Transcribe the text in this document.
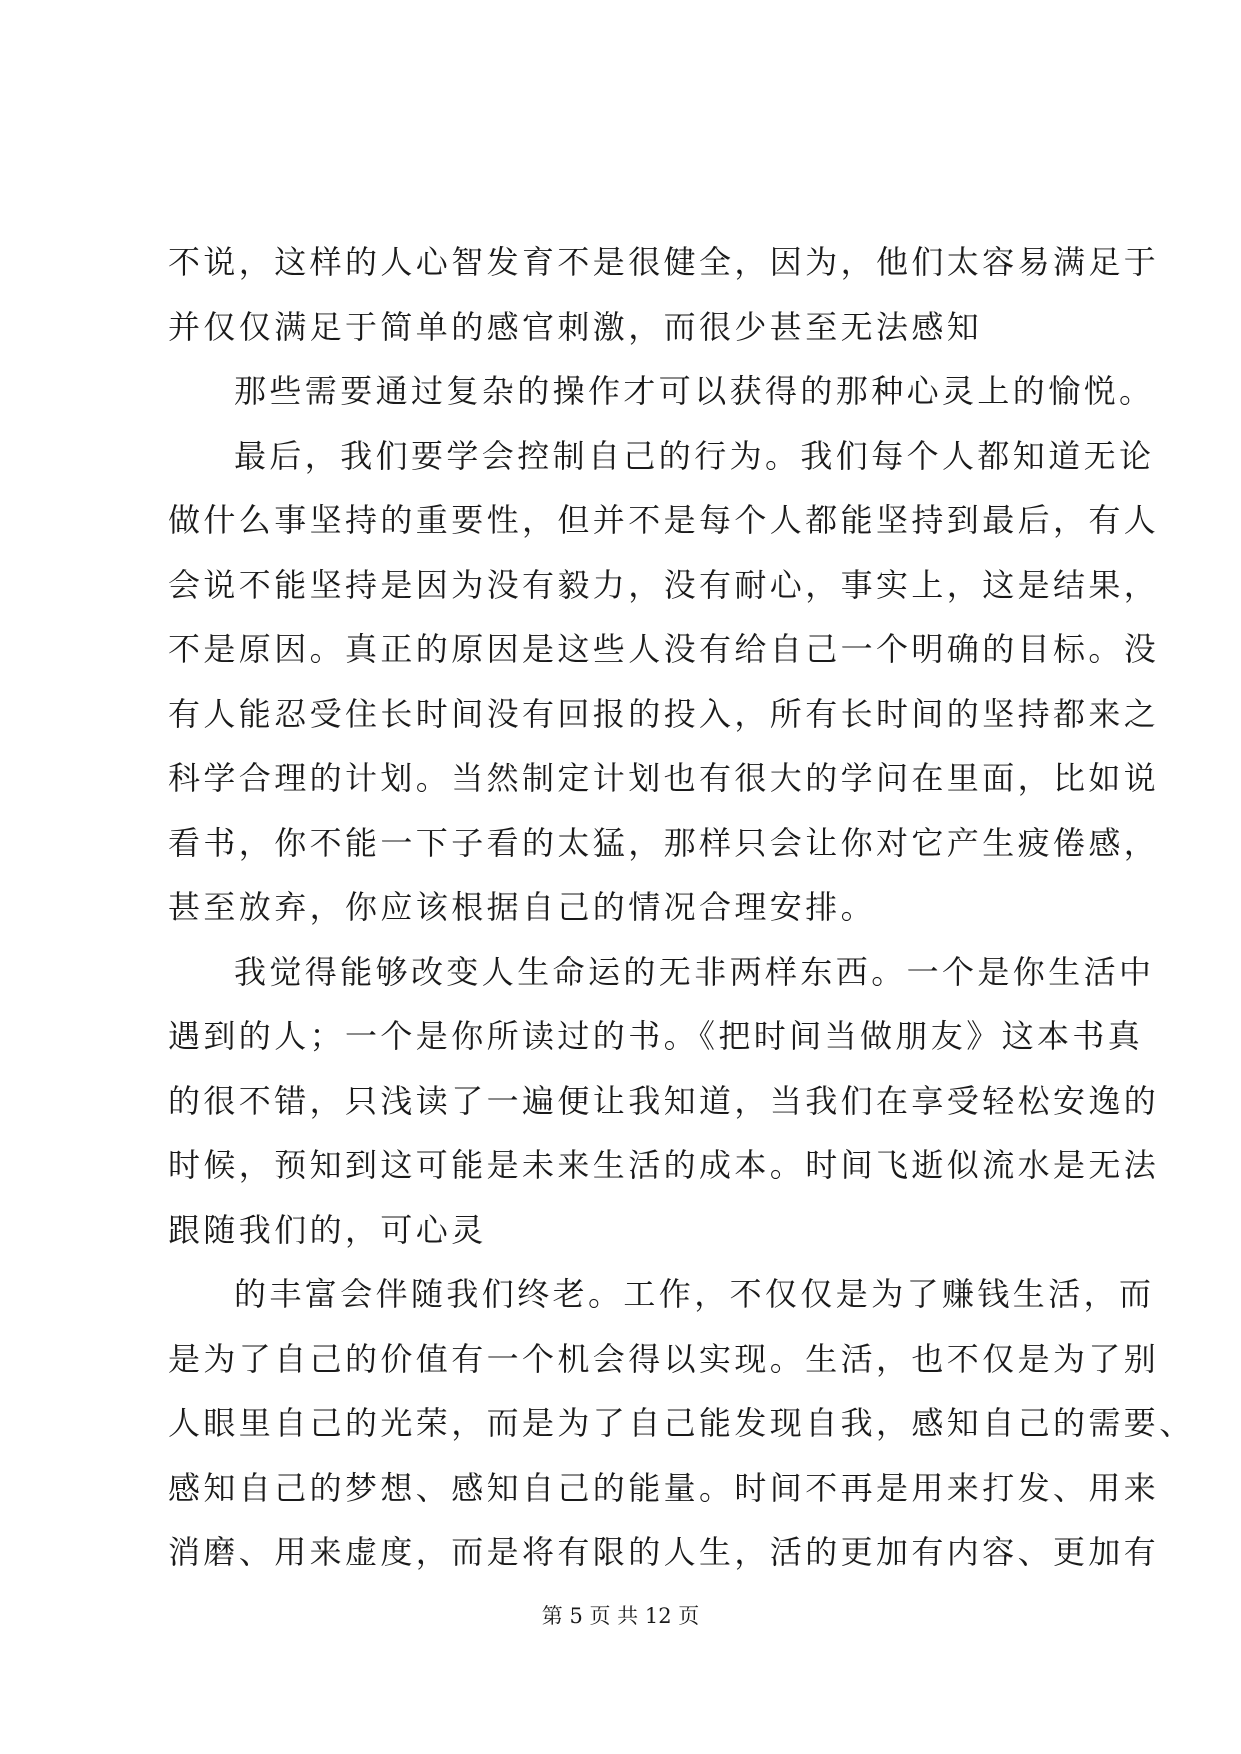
不说，这样的人心智发育不是很健全，因为，他们太容易满足于
并仅仅满足于简单的感官刺激，而很少甚至无法感知
那些需要通过复杂的操作才可以获得的那种心灵上的愉悦。
最后，我们要学会控制自己的行为。我们每个人都知道无论
做什么事坚持的重要性，但并不是每个人都能坚持到最后，有人
会说不能坚持是因为没有毅力，没有耐心，事实上，这是结果，
不是原因。真正的原因是这些人没有给自己一个明确的目标。没
有人能忍受住长时间没有回报的投入，所有长时间的坚持都来之
科学合理的计划。当然制定计划也有很大的学问在里面，比如说
看书，你不能一下子看的太猛，那样只会让你对它产生疲倦感，
甚至放弃，你应该根据自己的情况合理安排。
我觉得能够改变人生命运的无非两样东西。一个是你生活中
遇到的人；一个是你所读过的书。《把时间当做朋友》这本书真
的很不错，只浅读了一遍便让我知道，当我们在享受轻松安逸的
时候，预知到这可能是未来生活的成本。时间飞逝似流水是无法
跟随我们的，可心灵
的丰富会伴随我们终老。工作，不仅仅是为了赚钱生活，而
是为了自己的价值有一个机会得以实现。生活，也不仅是为了别
人眼里自己的光荣，而是为了自己能发现自我，感知自己的需要、
感知自己的梦想、感知自己的能量。时间不再是用来打发、用来
消磨、用来虚度，而是将有限的人生，活的更加有内容、更加有
第 5 页 共 12 页
